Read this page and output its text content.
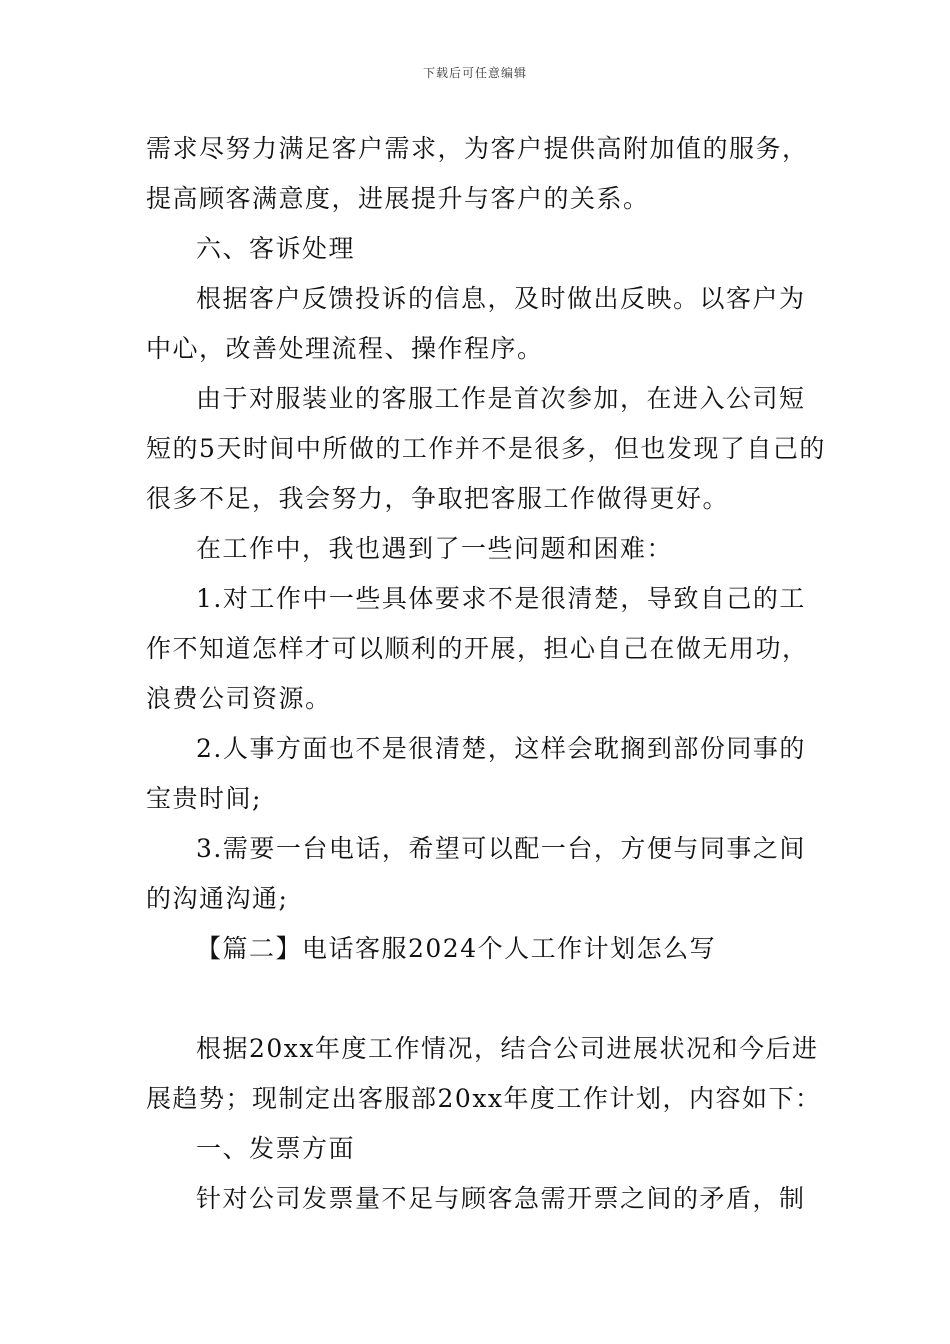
下载后可任意编辑
需求尽努力满足客户需求，为客户提供高附加值的服务，
提高顾客满意度，进展提升与客户的关系。
六、客诉处理
根据客户反馈投诉的信息，及时做出反映。以客户为
中心，改善处理流程、操作程序。
由于对服装业的客服工作是首次参加，在进入公司短
短的5天时间中所做的工作并不是很多，但也发现了自己的
很多不足，我会努力，争取把客服工作做得更好。
在工作中，我也遇到了一些问题和困难：
1.对工作中一些具体要求不是很清楚，导致自己的工
作不知道怎样才可以顺利的开展，担心自己在做无用功，
浪费公司资源。
2.人事方面也不是很清楚，这样会耽搁到部份同事的
宝贵时间;
3.需要一台电话，希望可以配一台，方便与同事之间
的沟通沟通;
【篇二】电话客服2024个人工作计划怎么写
根据20xx年度工作情况，结合公司进展状况和今后进
展趋势；现制定出客服部20xx年度工作计划，内容如下：
一、发票方面
针对公司发票量不足与顾客急需开票之间的矛盾，制
